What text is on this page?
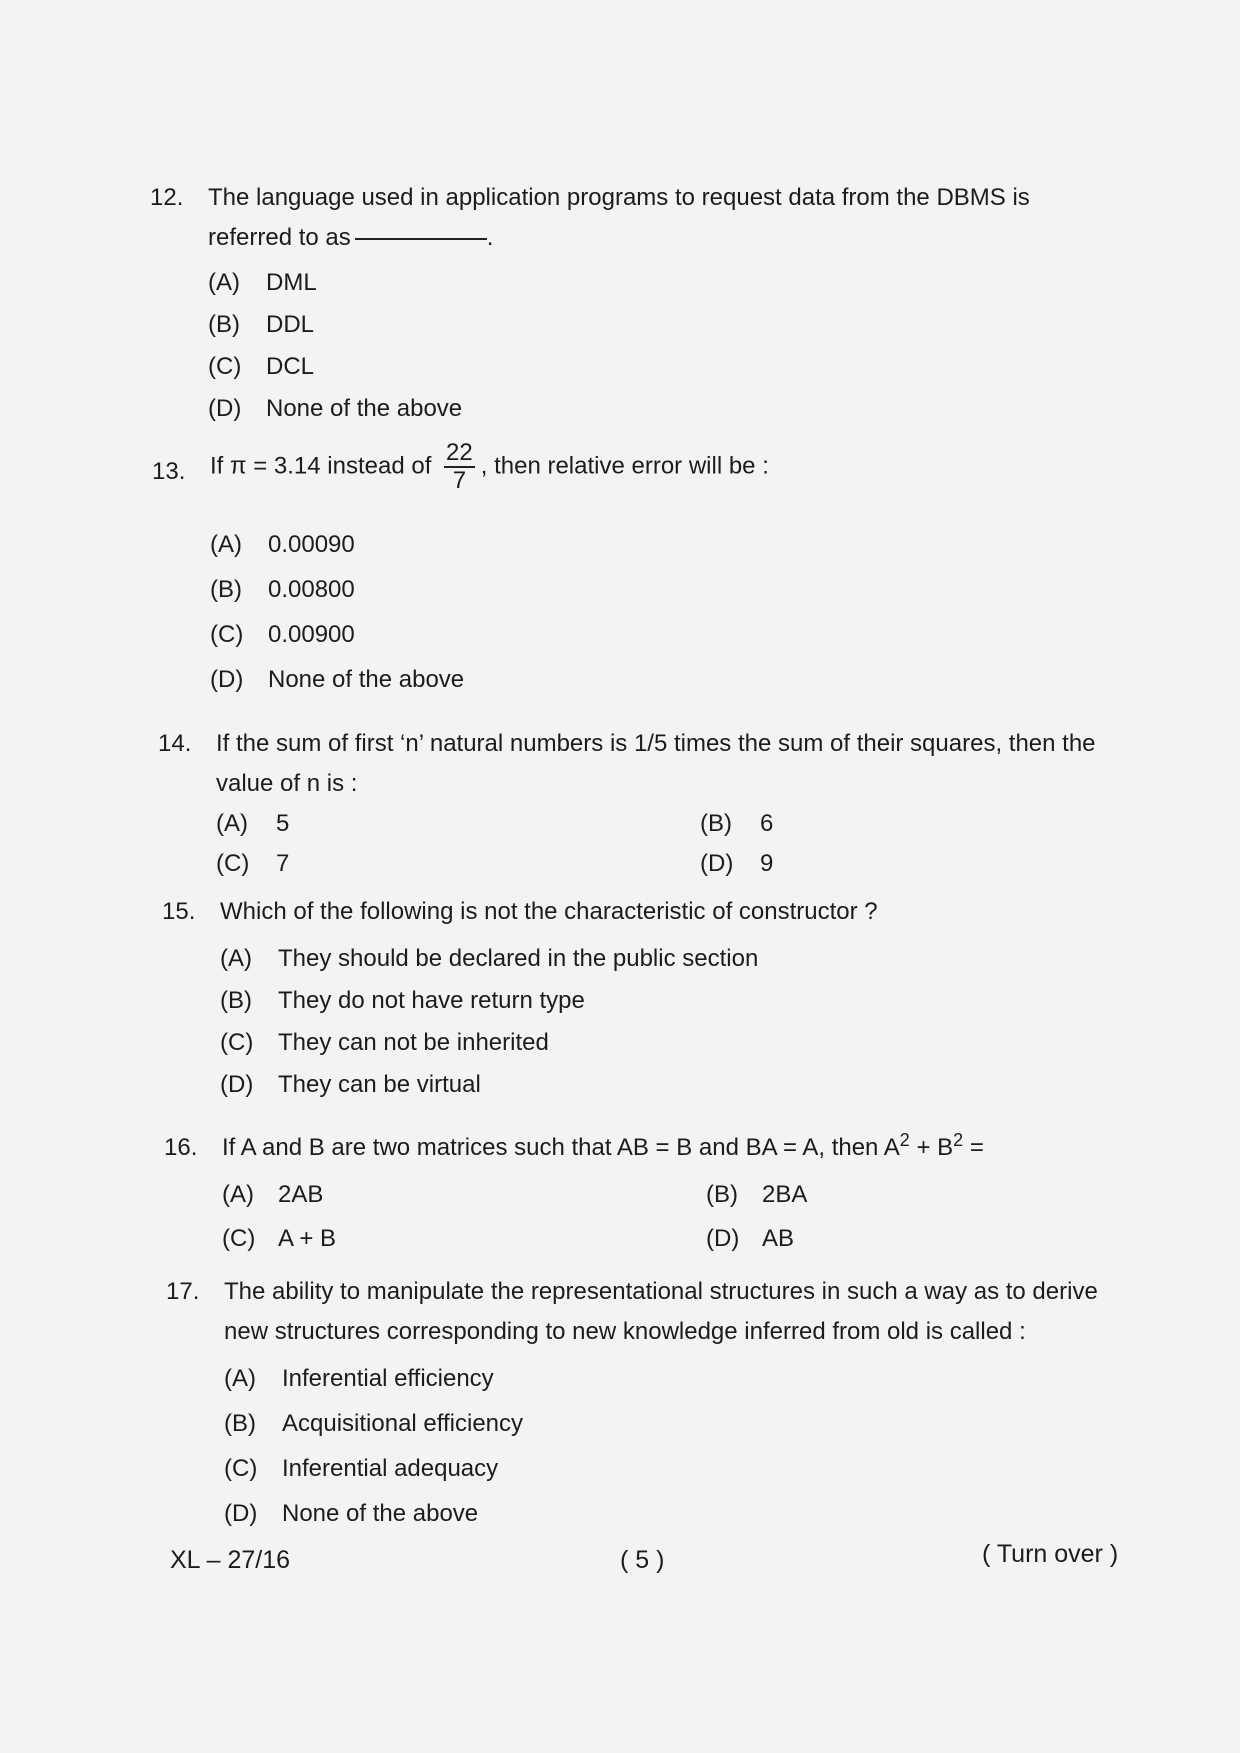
12. The language used in application programs to request data from the DBMS is
referred to as	.
(A) DML
(B) DDL
(C) DCL
(D) None of the above
13. If π = 3.14 instead of $\frac{22}{7}$ , then relative error will be :
(A) 0.00090
(B) 0.00800
(C) 0.00900
(D) None of the above
14. If the sum of first ‘n’ natural numbers is 1/5 times the sum of their squares, then the
value of n is :
(A) 5	(B) 6
(C) 7	(D) 9
15. Which of the following is not the characteristic of constructor ?
(A) They should be declared in the public section
(B) They do not have return type
(C) They can not be inherited
(D) They can be virtual
16. If A and B are two matrices such that AB = B and BA = A, then $A^2 + B^2$ =
(A) 2AB	(B) 2BA
(C) A + B	(D) AB
17. The ability to manipulate the representational structures in such a way as to derive
new structures corresponding to new knowledge inferred from old is called :
(A) Inferential efficiency
(B) Acquisitional efficiency
(C) Inferential adequacy
(D) None of the above
XL – 27/16	( 5 )	( Turn over )
